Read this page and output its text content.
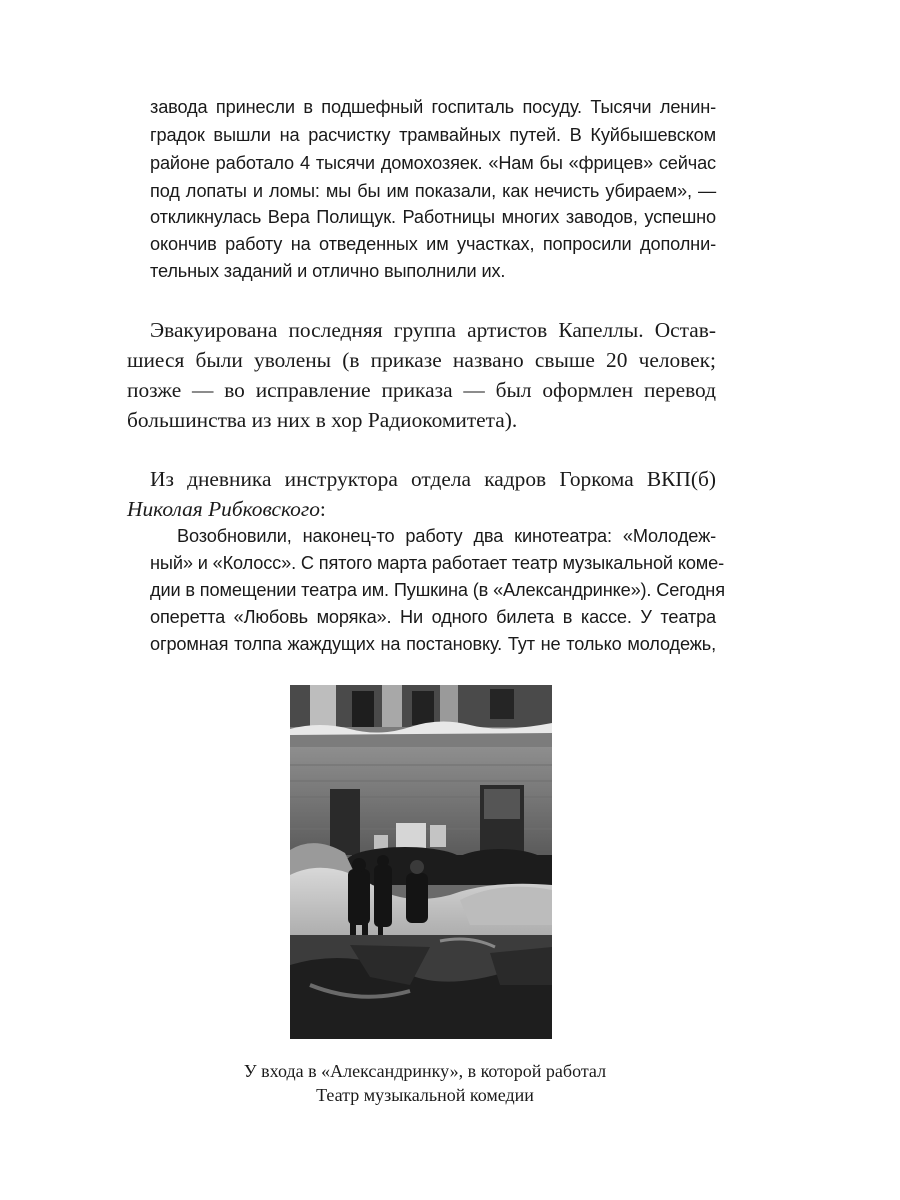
завода принесли в подшефный госпиталь посуду. Тысячи ленин-
градок вышли на расчистку трамвайных путей. В Куйбышевском
районе работало 4 тысячи домохозяек. «Нам бы «фрицев» сейчас
под лопаты и ломы: мы бы им показали, как нечисть убираем», —
откликнулась Вера Полищук. Работницы многих заводов, успешно
окончив работу на отведенных им участках, попросили дополни-
тельных заданий и отлично выполнили их.
Эвакуирована последняя группа артистов Капеллы. Остав-
шиеся были уволены (в приказе названо свыше 20 человек;
позже — во исправление приказа — был оформлен перевод
большинства из них в хор Радиокомитета).
Из дневника инструктора отдела кадров Горкома ВКП(б)
Николая Рибковского:
Возобновили, наконец-то работу два кинотеатра: «Молодеж-
ный» и «Колосс». С пятого марта работает театр музыкальной коме-
дии в помещении театра им. Пушкина (в «Александринке»). Сегодня
оперетта «Любовь моряка». Ни одного билета в кассе. У театра
огромная толпа жаждущих на постановку. Тут не только молодежь,
У входа в «Александринку», в которой работал
Театр музыкальной комедии
